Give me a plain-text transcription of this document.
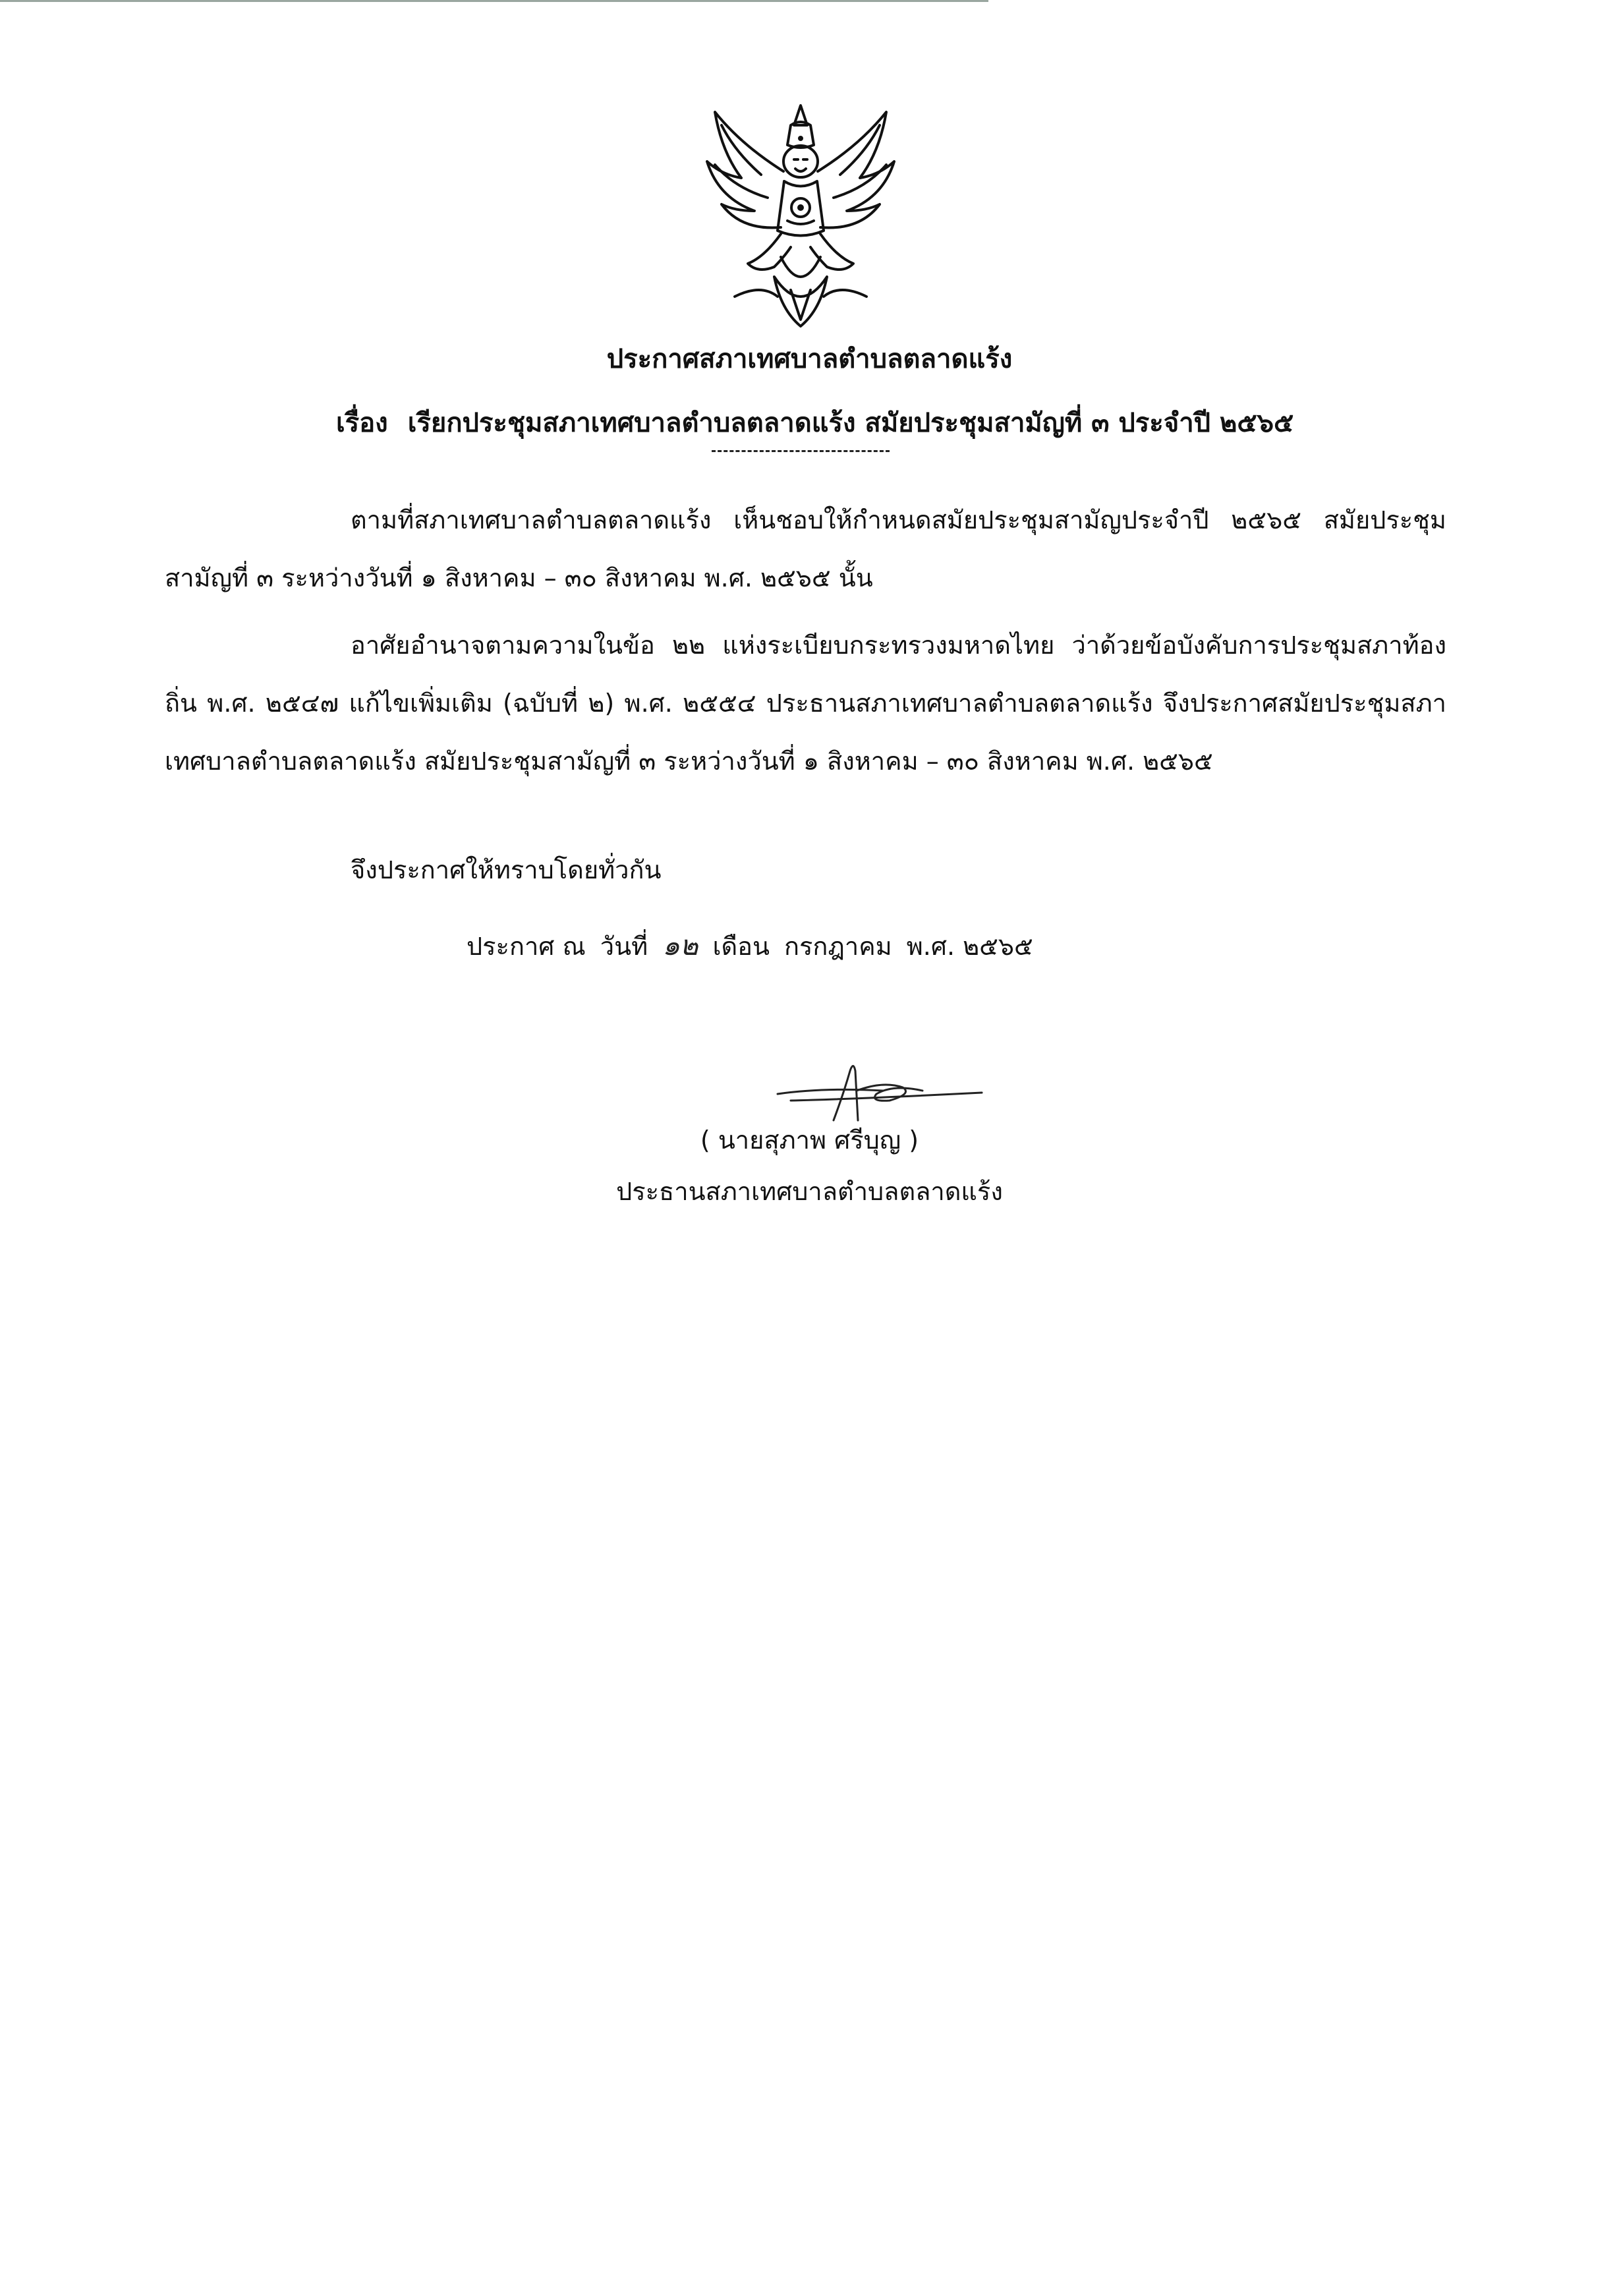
ประกาศสภาเทศบาลตำบลตลาดแร้ง
เรื่อง เรียกประชุมสภาเทศบาลตำบลตลาดแร้ง สมัยประชุมสามัญที่ ๓ ประจำปี ๒๕๖๕
ตามที่สภาเทศบาลตำบลตลาดแร้ง เห็นชอบให้กำหนดสมัยประชุมสามัญประจำปี ๒๕๖๕ สมัยประชุมสามัญที่ ๓ ระหว่างวันที่ ๑ สิงหาคม – ๓๐ สิงหาคม พ.ศ. ๒๕๖๕ นั้น
อาศัยอำนาจตามความในข้อ ๒๒ แห่งระเบียบกระทรวงมหาดไทย ว่าด้วยข้อบังคับการประชุมสภาท้องถิ่น พ.ศ. ๒๕๔๗ แก้ไขเพิ่มเติม (ฉบับที่ ๒) พ.ศ. ๒๕๕๔ ประธานสภาเทศบาลตำบลตลาดแร้ง จึงประกาศสมัยประชุมสภาเทศบาลตำบลตลาดแร้ง สมัยประชุมสามัญที่ ๓ ระหว่างวันที่ ๑ สิงหาคม – ๓๐ สิงหาคม พ.ศ. ๒๕๖๕
จึงประกาศให้ทราบโดยทั่วกัน
ประกาศ ณ วันที่ ๑๒ เดือน กรกฎาคม พ.ศ. ๒๕๖๕
( นายสุภาพ ศรีบุญ )
ประธานสภาเทศบาลตำบลตลาดแร้ง
